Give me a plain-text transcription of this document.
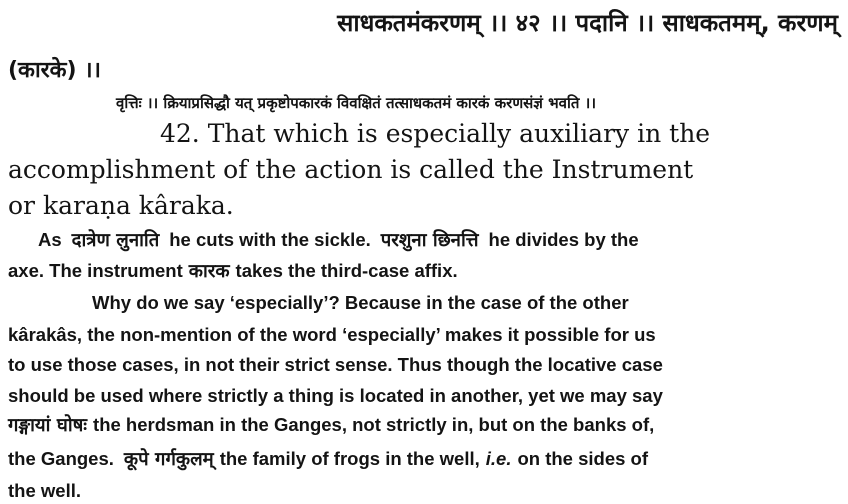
साधकतमंकरणम् ।। ४२ ।। पदानि ।। साधकतमम्, करणम्
(कारके) ।।
वृत्तिः ।। क्रियाप्रसिद्धौ यत् प्रकृष्टोपकारकं विवक्षितं तत्साधकतमं कारकं करणसंज्ञं भवति ।।
42. That which is especially auxiliary in the
accomplishment of the action is called the Instrument
or karaṇa kâraka.
As दात्रेण लुनाति he cuts with the sickle. परशुना छिनत्ति he divides by the
axe. The instrument कारक takes the third-case affix.
Why do we say ‘especially’? Because in the case of the other
kârakâs, the non-mention of the word ‘especially’ makes it possible for us
to use those cases, in not their strict sense. Thus though the locative case
should be used where strictly a thing is located in another, yet we may say
गङ्गायां घोषः the herdsman in the Ganges, not strictly in, but on the banks of,
the Ganges. कूपे गर्गकुलम् the family of frogs in the well, i.e. on the sides of
the well.
